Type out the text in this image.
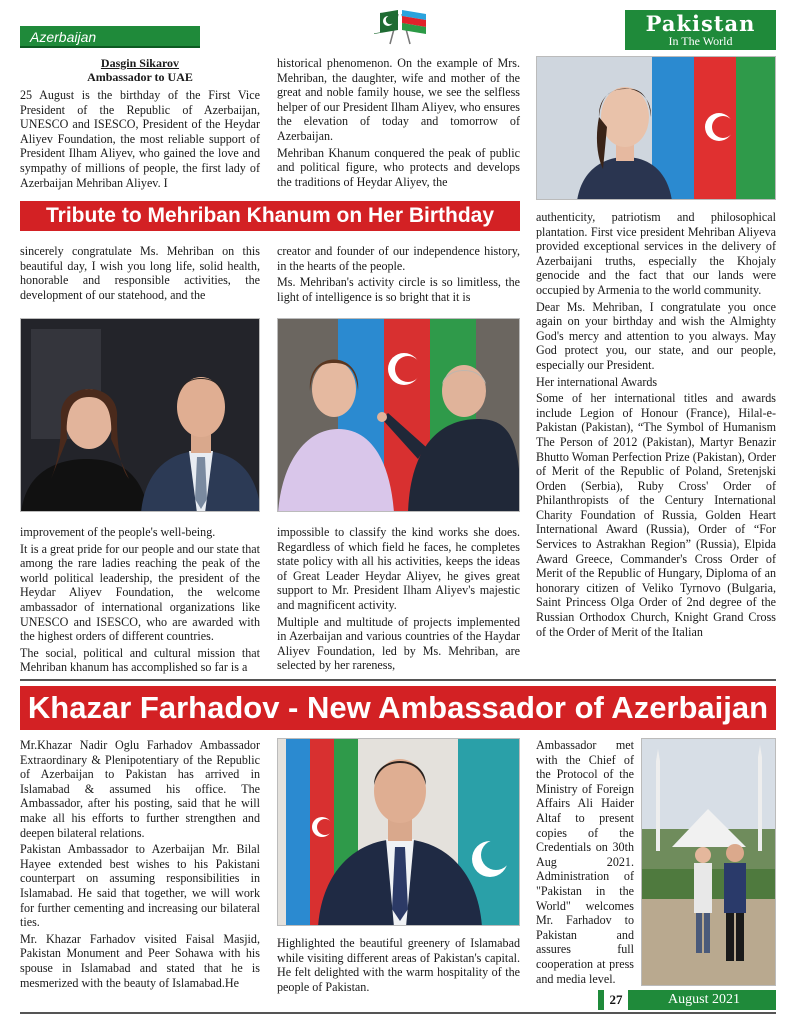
Azerbaijan
Pakistan
In The World
Dasgin Sikarov
Ambassador to UAE

25 August is the birthday of the First Vice President of the Republic of Azerbaijan, UNESCO and ISESCO, President of the Heydar Aliyev Foundation, the most reliable support of President Ilham Aliyev, who gained the love and sympathy of millions of people, the first lady of Azerbaijan Mehriban Aliyev. I

historical phenomenon. On the example of Mrs. Mehriban, the daughter, wife and mother of the great and noble family house, we see the selfless helper of our President Ilham Aliyev, who ensures the elevation of today and tomorrow of Azerbaijan.

Mehriban Khanum conquered the peak of public and political figure, who protects and develops the traditions of Heydar Aliyev, the

Tribute to Mehriban Khanum on Her Birthday

sincerely congratulate Ms. Mehriban on this beautiful day, I wish you long life, solid health, honorable and responsible activities, the development of our statehood, and the

creator and founder of our independence history, in the hearts of the people.

Ms. Mehriban's activity circle is so limitless, the light of intelligence is so bright that it is

authenticity, patriotism and philosophical plantation. First vice president Mehriban Aliyeva provided exceptional services in the delivery of Azerbaijani truths, especially the Khojaly genocide and the fact that our lands were occupied by Armenia to the world community.

Dear Ms. Mehriban, I congratulate you once again on your birthday and wish the Almighty God's mercy and attention to you always. May God protect you, our state, and our people, especially our President.

Her international Awards

Some of her international titles and awards include Legion of Honour (France), Hilal-e-Pakistan (Pakistan), “The Symbol of Humanism The Person of 2012 (Pakistan), Martyr Benazir Bhutto Woman Perfection Prize (Pakistan), Order of Merit of the Republic of Poland, Sretenjski Orden (Serbia), Ruby Cross' Order of Philanthropists of the Century International Charity Foundation of Russia, Golden Heart International Award (Russia), Order of “For Services to Astrakhan Region” (Russia), Elpida Award Greece, Commander's Cross Order of Merit of the Republic of Hungary, Diploma of an honorary citizen of Veliko Tyrnovo (Bulgaria, Saint Princess Olga Order of 2nd degree of the Russian Orthodox Church, Knight Grand Cross of the Order of Merit of the Italian

improvement of the people's well-being.

It is a great pride for our people and our state that among the rare ladies reaching the peak of the world political leadership, the president of the Heydar Aliyev Foundation, the welcome ambassador of international organizations like UNESCO and ISESCO, who are awarded with the highest orders of different countries.

The social, political and cultural mission that Mehriban khanum has accomplished so far is a

impossible to classify the kind works she does. Regardless of which field he faces, he completes state policy with all his activities, keeps the ideas of Great Leader Heydar Aliyev, he gives great support to Mr. President Ilham Aliyev's majestic and magnificent activity.

Multiple and multitude of projects implemented in Azerbaijan and various countries of the Haydar Aliyev Foundation, led by Ms. Mehriban, are selected by her rareness,

Khazar Farhadov - New Ambassador of Azerbaijan

Mr.Khazar Nadir Oglu Farhadov Ambassador Extraordinary & Plenipotentiary of the Republic of Azerbaijan to Pakistan has arrived in Islamabad & assumed his office. The Ambassador, after his posting, said that he will make all his efforts to further strengthen and deepen bilateral relations.

Pakistan Ambassador to Azerbaijan Mr. Bilal Hayee extended best wishes to his Pakistani counterpart on assuming responsibilities in Islamabad. He said that together, we will work for further cementing and increasing our bilateral ties.

Mr. Khazar Farhadov visited Faisal Masjid, Pakistan Monument and Peer Sohawa with his spouse in Islamabad and stated that he is mesmerized with the beauty of Islamabad.He

Highlighted the beautiful greenery of Islamabad while visiting different areas of Pakistan's capital. He felt delighted with the warm hospitality of the people of Pakistan.

Ambassador met with the Chief of the Protocol of the Ministry of Foreign Affairs Ali Haider Altaf to present copies of the Credentials on 30th Aug 2021. Administration of "Pakistan in the World" welcomes Mr. Farhadov to Pakistan and assures full cooperation at press and media level.

27	August 2021
